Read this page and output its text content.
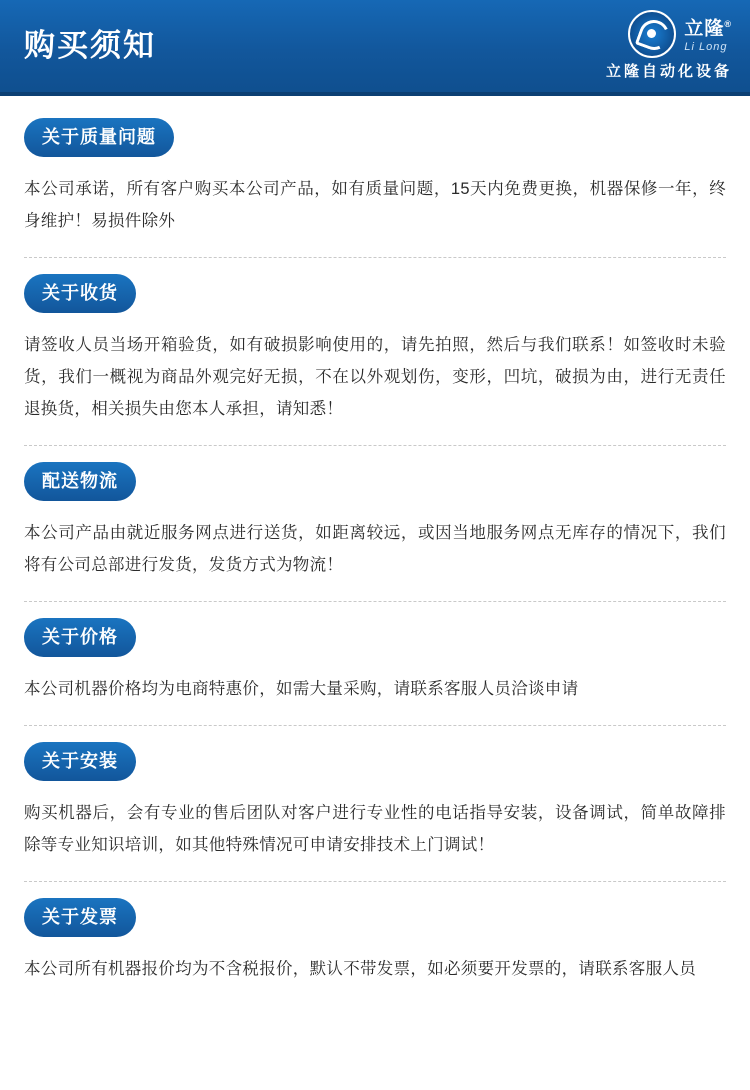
购买须知	立隆®
Li Long
立隆自动化设备
关于质量问题
本公司承诺，所有客户购买本公司产品，如有质量问题，15天内免费更换，机器保修一年，终身维护！易损件除外
关于收货
请签收人员当场开箱验货，如有破损影响使用的，请先拍照，然后与我们联系！如签收时未验货，我们一概视为商品外观完好无损，不在以外观划伤，变形，凹坑，破损为由，进行无责任退换货，相关损失由您本人承担，请知悉！
配送物流
本公司产品由就近服务网点进行送货，如距离较远，或因当地服务网点无库存的情况下，我们将有公司总部进行发货，发货方式为物流！
关于价格
本公司机器价格均为电商特惠价，如需大量采购，请联系客服人员洽谈申请
关于安装
购买机器后，会有专业的售后团队对客户进行专业性的电话指导安装，设备调试，简单故障排除等专业知识培训，如其他特殊情况可申请安排技术上门调试！
关于发票
本公司所有机器报价均为不含税报价，默认不带发票，如必须要开发票的，请联系客服人员
